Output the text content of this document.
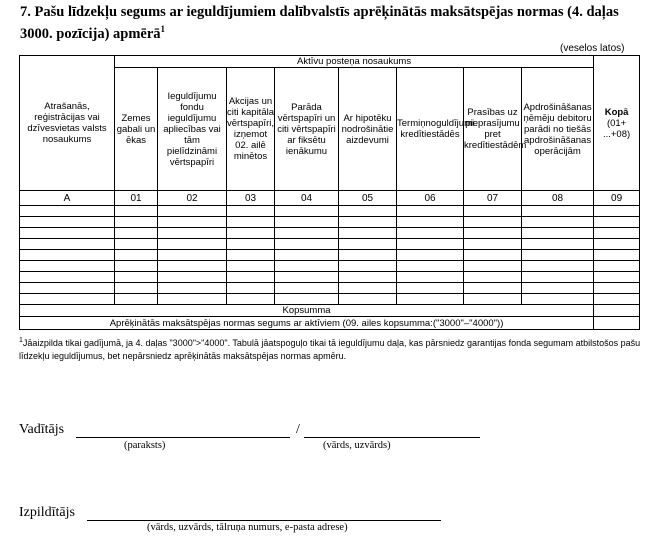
7. Pašu līdzekļu segums ar ieguldījumiem dalībvalstīs aprēķinātās maksātspējas normas (4. daļas 3000. pozīcija) apmērā$^1$
(veselos latos)
Atrašanās, reģistrācijas vai dzīvesvietas valsts nosaukums	Aktīvu posteņa nosaukums								Kopā
(01+ ...+08)
	Zemes gabali un ēkas	Ieguldījumu fondu ieguldījumu apliecības vai tām pielīdzināmi vērtspapīri	Akcijas un citi kapitāla vērtspapīri, izņemot 02. ailē minētos	Parāda vērtspapīri un citi vērtspapīri ar fiksētu ienākumu	Ar hipotēku nodrošinātie aizdevumi	Termiņnoguldījumi kredītiestādēs	Prasības uz pieprasījumu pret kredītiestādēm	Apdrošināšanas ņēmēju debitoru parādi no tiešās apdrošināšanas operācijām	
A	01	02	03	04	05	06	07	08	09

Kopsumma									
Aprēķinātās maksātspējas normas segums ar aktīviem (09. ailes kopsumma:("3000"–"4000"))									
$^1$Jāaizpilda tikai gadījumā, ja 4. daļas "3000">"4000". Tabulā jāatspoguļo tikai tā ieguldījumu daļa, kas pārsniedz garantijas fonda segumam atbilstošos pašu līdzekļu ieguldījumus, bet nepārsniedz aprēķinātās maksātspējas normas apmēru.
Vadītājs	/
(paraksts)	(vārds, uzvārds)
Izpildītājs
(vārds, uzvārds, tālruņa numurs, e-pasta adrese)
